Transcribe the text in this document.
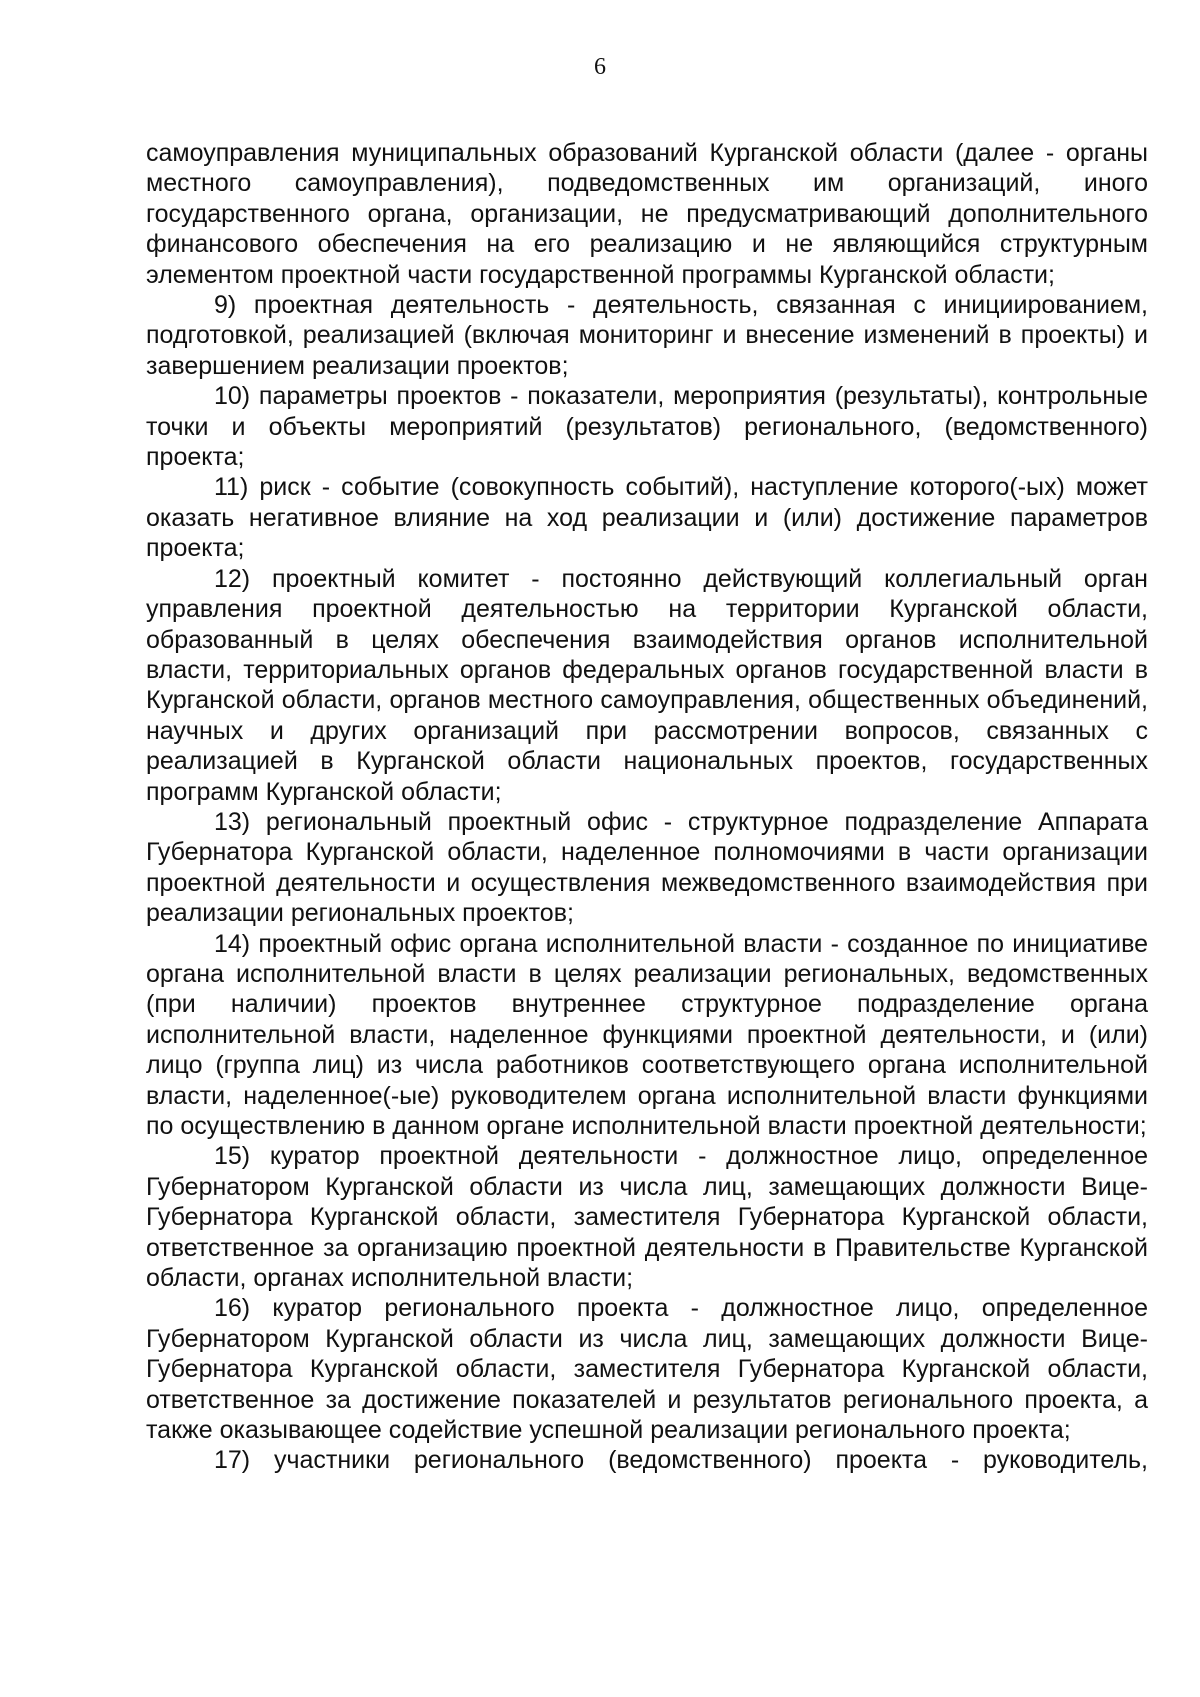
6

самоуправления муниципальных образований Курганской области (далее - органы местного самоуправления), подведомственных им организаций, иного государственного органа, организации, не предусматривающий дополнительного финансового обеспечения на его реализацию и не являющийся структурным элементом проектной части государственной программы Курганской области;

9) проектная деятельность - деятельность, связанная с инициированием, подготовкой, реализацией (включая мониторинг и внесение изменений в проекты) и завершением реализации проектов;

10) параметры проектов - показатели, мероприятия (результаты), контрольные точки и объекты мероприятий (результатов) регионального, (ведомственного) проекта;

11) риск - событие (совокупность событий), наступление которого(-ых) может оказать негативное влияние на ход реализации и (или) достижение параметров проекта;

12) проектный комитет - постоянно действующий коллегиальный орган управления проектной деятельностью на территории Курганской области, образованный в целях обеспечения взаимодействия органов исполнительной власти, территориальных органов федеральных органов государственной власти в Курганской области, органов местного самоуправления, общественных объединений, научных и других организаций при рассмотрении вопросов, связанных с реализацией в Курганской области национальных проектов, государственных программ Курганской области;

13) региональный проектный офис - структурное подразделение Аппарата Губернатора Курганской области, наделенное полномочиями в части организации проектной деятельности и осуществления межведомственного взаимодействия при реализации региональных проектов;

14) проектный офис органа исполнительной власти - созданное по инициативе органа исполнительной власти в целях реализации региональных, ведомственных (при наличии) проектов внутреннее структурное подразделение органа исполнительной власти, наделенное функциями проектной деятельности, и (или) лицо (группа лиц) из числа работников соответствующего органа исполнительной власти, наделенное(-ые) руководителем органа исполнительной власти функциями по осуществлению в данном органе исполнительной власти проектной деятельности;

15) куратор проектной деятельности - должностное лицо, определенное Губернатором Курганской области из числа лиц, замещающих должности Вице-Губернатора Курганской области, заместителя Губернатора Курганской области, ответственное за организацию проектной деятельности в Правительстве Курганской области, органах исполнительной власти;

16) куратор регионального проекта - должностное лицо, определенное Губернатором Курганской области из числа лиц, замещающих должности Вице-Губернатора Курганской области, заместителя Губернатора Курганской области, ответственное за достижение показателей и результатов регионального проекта, а также оказывающее содействие успешной реализации регионального проекта;

17) участники регионального (ведомственного) проекта - руководитель,
